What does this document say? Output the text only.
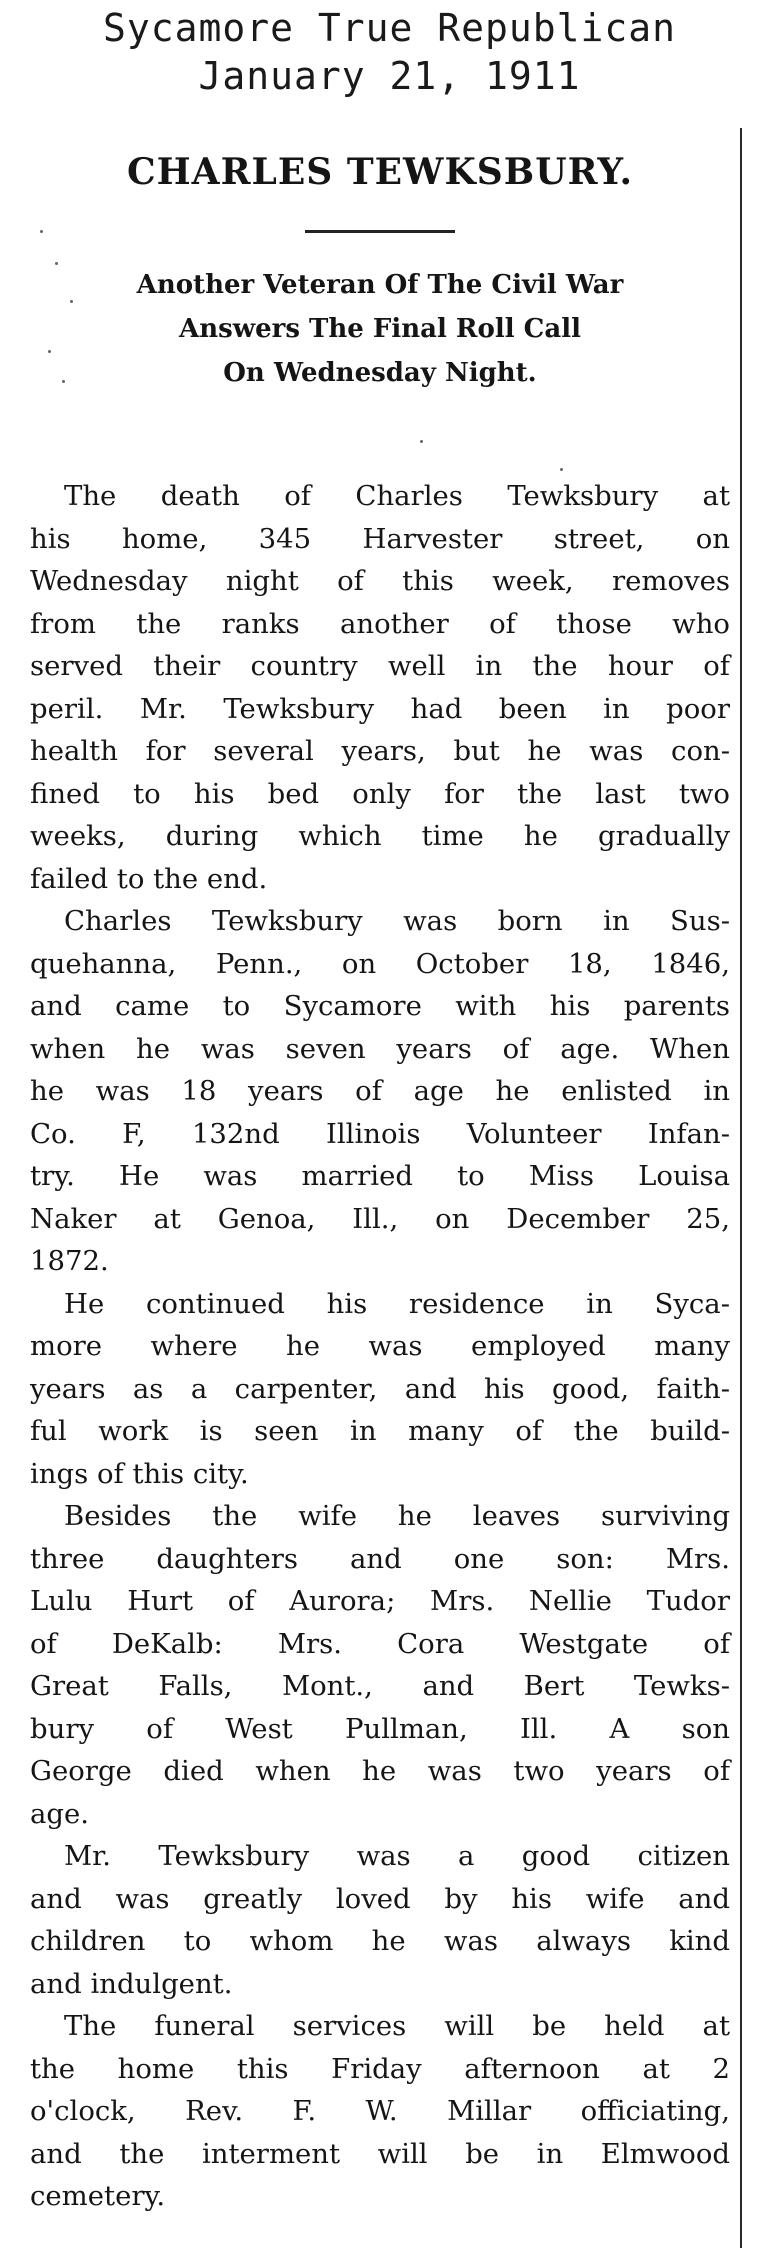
Sycamore True Republican
January 21, 1911
CHARLES TEWKSBURY.
Another Veteran Of The Civil War
Answers The Final Roll Call
On Wednesday Night.

The death of Charles Tewksbury at
his home, 345 Harvester street, on
Wednesday night of this week, removes
from the ranks another of those who
served their country well in the hour of
peril. Mr. Tewksbury had been in poor
health for several years, but he was con-
fined to his bed only for the last two
weeks, during which time he gradually
failed to the end.

Charles Tewksbury was born in Sus-
quehanna, Penn., on October 18, 1846,
and came to Sycamore with his parents
when he was seven years of age. When
he was 18 years of age he enlisted in
Co. F, 132nd Illinois Volunteer Infan-
try. He was married to Miss Louisa
Naker at Genoa, Ill., on December 25,
1872.

He continued his residence in Syca-
more where he was employed many
years as a carpenter, and his good, faith-
ful work is seen in many of the build-
ings of this city.

Besides the wife he leaves surviving
three daughters and one son: Mrs.
Lulu Hurt of Aurora; Mrs. Nellie Tudor
of DeKalb: Mrs. Cora Westgate of
Great Falls, Mont., and Bert Tewks-
bury of West Pullman, Ill. A son
George died when he was two years of
age.

Mr. Tewksbury was a good citizen
and was greatly loved by his wife and
children to whom he was always kind
and indulgent.

The funeral services will be held at
the home this Friday afternoon at 2
o'clock, Rev. F. W. Millar officiating,
and the interment will be in Elmwood
cemetery.
